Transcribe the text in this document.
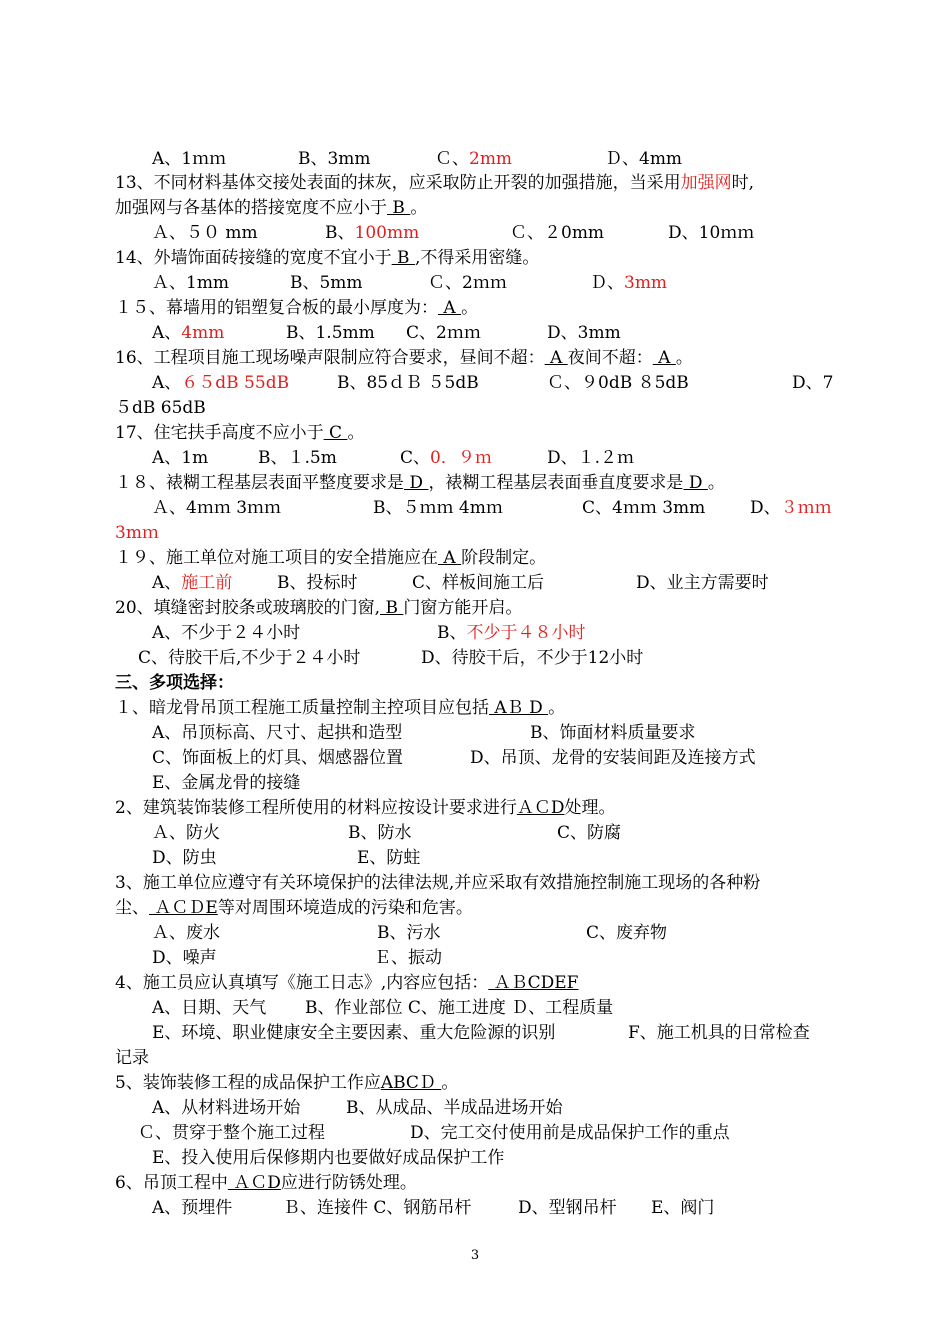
A、1ｍｍ	B、3mm	Ｃ、2mm	Ｄ、4mm
13、不同材料基体交接处表面的抹灰，应采取防止开裂的加强措施，当采用加强网时,
加强网与各基体的搭接宽度不应小于 B 。
Ａ、５０ mm	B、100mm	Ｃ、２0mm	D、10ｍｍ
14、外墙饰面砖接缝的宽度不宜小于 B ,不得采用密缝。
Ａ、1mm	B、5mm	Ｃ、2ｍｍ	Ｄ、3mm
１５、幕墙用的铝塑复合板的最小厚度为： A 。
A、4mm	B、1.5mm C、2ｍｍ	D、3mm
16、工程项目施工现场噪声限制应符合要求，昼间不超： A 夜间不超： A 。
A、６５dB 55dB	B、85ｄＢ ５5dB	Ｃ、９0dB ８5dB	D、7
５dB 65dB
17、住宅扶手高度不应小于 C 。
A、1m	B、１.5m	C、0．９ｍ	D、１.２ｍ
１８、裱糊工程基层表面平整度要求是 D ，裱糊工程基层表面垂直度要求是 D 。
Ａ、4ｍｍ 3ｍｍ	B、５ｍｍ 4mｍ	C、4ｍｍ 3mm	D、３ｍｍ
3mｍ
１９、施工单位对施工项目的安全措施应在 A 阶段制定。
A、施工前	B、投标时	C、样板间施工后	D、业主方需要时
20、填缝密封胶条或玻璃胶的门窗, B 门窗方能开启。
A、不少于２４小时	B、不少于４８小时
C、待胶干后,不少于２４小时	D、待胶干后，不少于12小时
三、多项选择：
１、暗龙骨吊顶工程施工质量控制主控项目应包括 AＢ D 。
A、吊顶标高、尺寸、起拱和造型	B、饰面材料质量要求
C、饰面板上的灯具、烟感器位置	D、吊顶、龙骨的安装间距及连接方式
E、金属龙骨的接缝
2、建筑装饰装修工程所使用的材料应按设计要求进行ＡＣD处理。
Ａ、防火	B、防水	C、防腐
D、防虫	E、防蛀
3、施工单位应遵守有关环境保护的法律法规,并应采取有效措施控制施工现场的各种粉
尘、 ＡＣＤE等对周围环境造成的污染和危害。
Ａ、废水	B、污水	C、废弃物
D、噪声	Ｅ、振动
4、施工员应认真填写《施工日志》,内容应包括： ＡＢCDEF
A、日期、天气 B、作业部位 C、施工进度 Ｄ、工程质量
E、环境、职业健康安全主要因素、重大危险源的识别	F、施工机具的日常检查
记录
5、装饰装修工程的成品保护工作应ABCＤ 。
A、从材料进场开始	B、从成品、半成品进场开始
Ｃ、贯穿于整个施工过程	D、完工交付使用前是成品保护工作的重点
E、投入使用后保修期内也要做好成品保护工作
6、吊顶工程中 ＡＣD应进行防锈处理。
A、预埋件	Ｂ、连接件 C、钢筋吊杆	D、型钢吊杆 E、阀门
3
